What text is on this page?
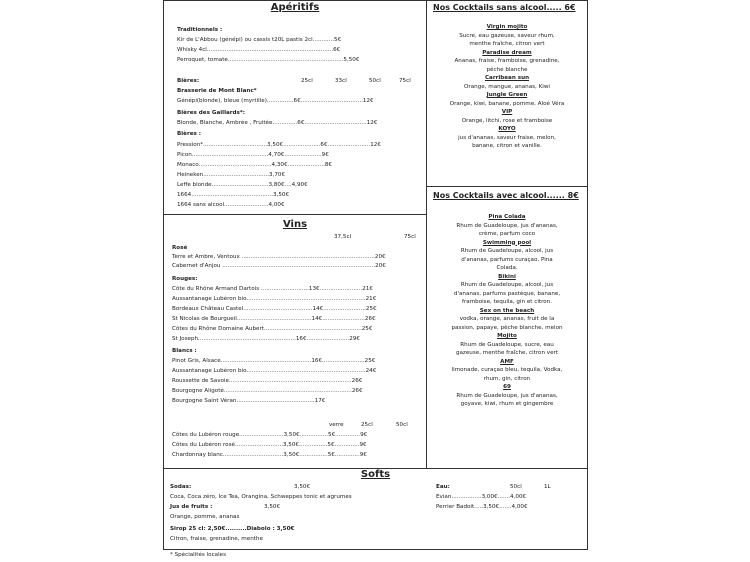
Apéritifs
Traditionnels :
Kir de L'Abbou (génépi) ou cassis t20L pastis 2cl............5€
Whisky 4cl.......................................................................6€
Perroquet, tomate.................................................................5,50€
Bières:	25cl	33cl	50cl	75cl
Brasserie de Mont Blanc*
Génépi(blonde), bleue (myrtille)...............6€...................................12€
Bières des Gaillards*:
Blonde, Blanche, Ambrée , Fruitée..............6€...................................12€
Bières :
Pression*....................................3,50€.....................6€........................12€
Picon...........................................4,70€.....................9€
Monaco.........................................4,30€.....................8€
Heineken.....................................3,70€
Leffe blonde................................3,80€....4,90€
1664..............................................3,50€
1664 sans alcool.........................4,00€
Vins
37,5cl	75cl
Rosé
Terre et Ambre, Ventoux ...........................................................................20€
Cabernet d'Anjou ......................................................................................20€
Rouges:
Côte du Rhône Armand Dartois ...........................13€........................21€
Aussantanage Lubéron bio...................................................................21€
Bordeaux Château Castel.......................................14€........................25€
St Nicolas de Bourgueil..........................................14€........................26€
Côtes du Rhône Domaine Aubert.......................................................25€
St Joseph.......................................................16€........................29€
Blancs :
Pinot Gris, Alsace...................................................16€........................25€
Aussantanage Lubéron bio...................................................................24€
Roussette de Savoie.....................................................................26€
Bourgogne Aligoté........................................................................26€
Bourgogne Saint Véran............................................17€
verre	25cl	50cl
Côtes du Lubéron rouge.........................3,50€................5€..............9€
Côtes du Lubéron rosé...........................3,50€................5€..............9€
Chardonnay blanc..................................3,50€................5€..............9€
Nos Cocktails sans alcool..... 6€
Nos Cocktails avec alcool...... 8€
Virgin mojito
Sucre, eau gazeuse, saveur rhum,
menthe fraîche, citron vert
Paradise dream
Ananas, fraise, framboise, grenadine,
pêche blanche
Carribean sun
Orange, mangue, ananas, Kiwi
Jungle Green
Orange, kiwi, banane, pomme, Aloé Véra
VIP
Orange, litchi, rose et framboise
KOYO
jus d'ananas, saveur fraise, melon,
banane, citron et vanille.
Pina Colada
Rhum de Guadeloupe, jus d'ananas,
crème, parfum coco
Swimming pool
Rhum de Guadeloupe, alcool, jus
d'ananas, parfums curaçao, Pina
Colada.
Bikini
Rhum de Guadeloupe, alcool, jus
d'ananas, parfums pastèque, banane,
framboise, tequila, gin et citron.
Sex on the beach
vodka, orange, ananas, fruit de la
passion, papaye, pêche blanche, melon
Mojito
Rhum de Guadeloupe, sucre, eau
gazeuse, menthe fraîche, citron vert
AMF
limonade, curaçao bleu, tequila, Vodka,
rhum, gin, citron
69
Rhum de Guadeloupe, jus d'ananas,
goyave, kiwi, rhum et gingembre
Softs
Sodas:	3,50€
Coca, Coca zéro, Ice Tea, Orangina, Schweppes tonic et agrumes
Jus de fruits :	3,50€
Orange, pomme, ananas
Sirop 25 cl: 2,50€..........Diabolo : 3,50€
Citron, fraise, grenadine, menthe
Eau:	50cl	1L
Evian.................3,00€.......4,00€
Perrier Badoit.....3,50€.......4,00€
* Spécialités locales
